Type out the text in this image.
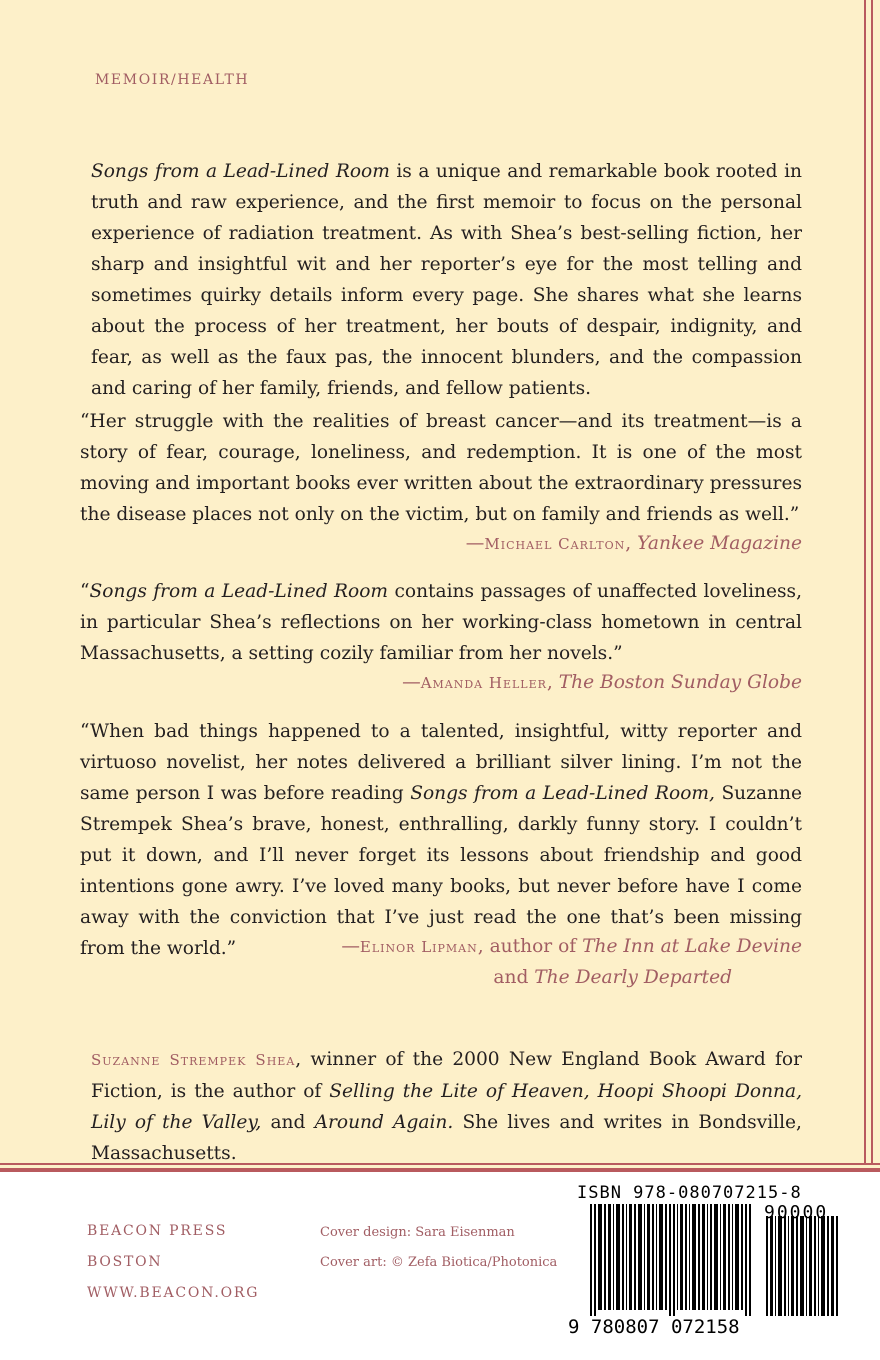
MEMOIR/HEALTH
Songs from a Lead-Lined Room is a unique and remarkable book rooted in truth and raw experience, and the first memoir to focus on the personal experience of radiation treatment. As with Shea’s best-selling fiction, her sharp and insightful wit and her reporter’s eye for the most telling and sometimes quirky details inform every page. She shares what she learns about the process of her treatment, her bouts of despair, indignity, and fear, as well as the faux pas, the innocent blunders, and the compassion and caring of her family, friends, and fellow patients.
“Her struggle with the realities of breast cancer—and its treatment—is a story of fear, courage, loneliness, and redemption. It is one of the most moving and important books ever written about the extraordinary pressures the disease places not only on the victim, but on family and friends as well.”
—Michael Carlton, Yankee Magazine
“Songs from a Lead-Lined Room contains passages of unaffected loveliness, in particular Shea’s reflections on her working-class hometown in central Massachusetts, a setting cozily familiar from her novels.”
—Amanda Heller, The Boston Sunday Globe
“When bad things happened to a talented, insightful, witty reporter and virtuoso novelist, her notes delivered a brilliant silver lining. I’m not the same person I was before reading Songs from a Lead-Lined Room, Suzanne Strempek Shea’s brave, honest, enthralling, darkly funny story. I couldn’t put it down, and I’ll never forget its lessons about friendship and good intentions gone awry. I’ve loved many books, but never before have I come away with the conviction that I’ve just read the one that’s been missing from the world.”	—Elinor Lipman, author of The Inn at Lake Devine
and The Dearly Departed
Suzanne Strempek Shea, winner of the 2000 New England Book Award for Fiction, is the author of Selling the Lite of Heaven, Hoopi Shoopi Donna, Lily of the Valley, and Around Again. She lives and writes in Bondsville, Massachusetts.
BEACON PRESS
BOSTON
WWW.BEACON.ORG
Cover design: Sara Eisenman
Cover art: © Zefa Biotica/Photonica
ISBN 978-080707215-8
90000
9 780807 072158
